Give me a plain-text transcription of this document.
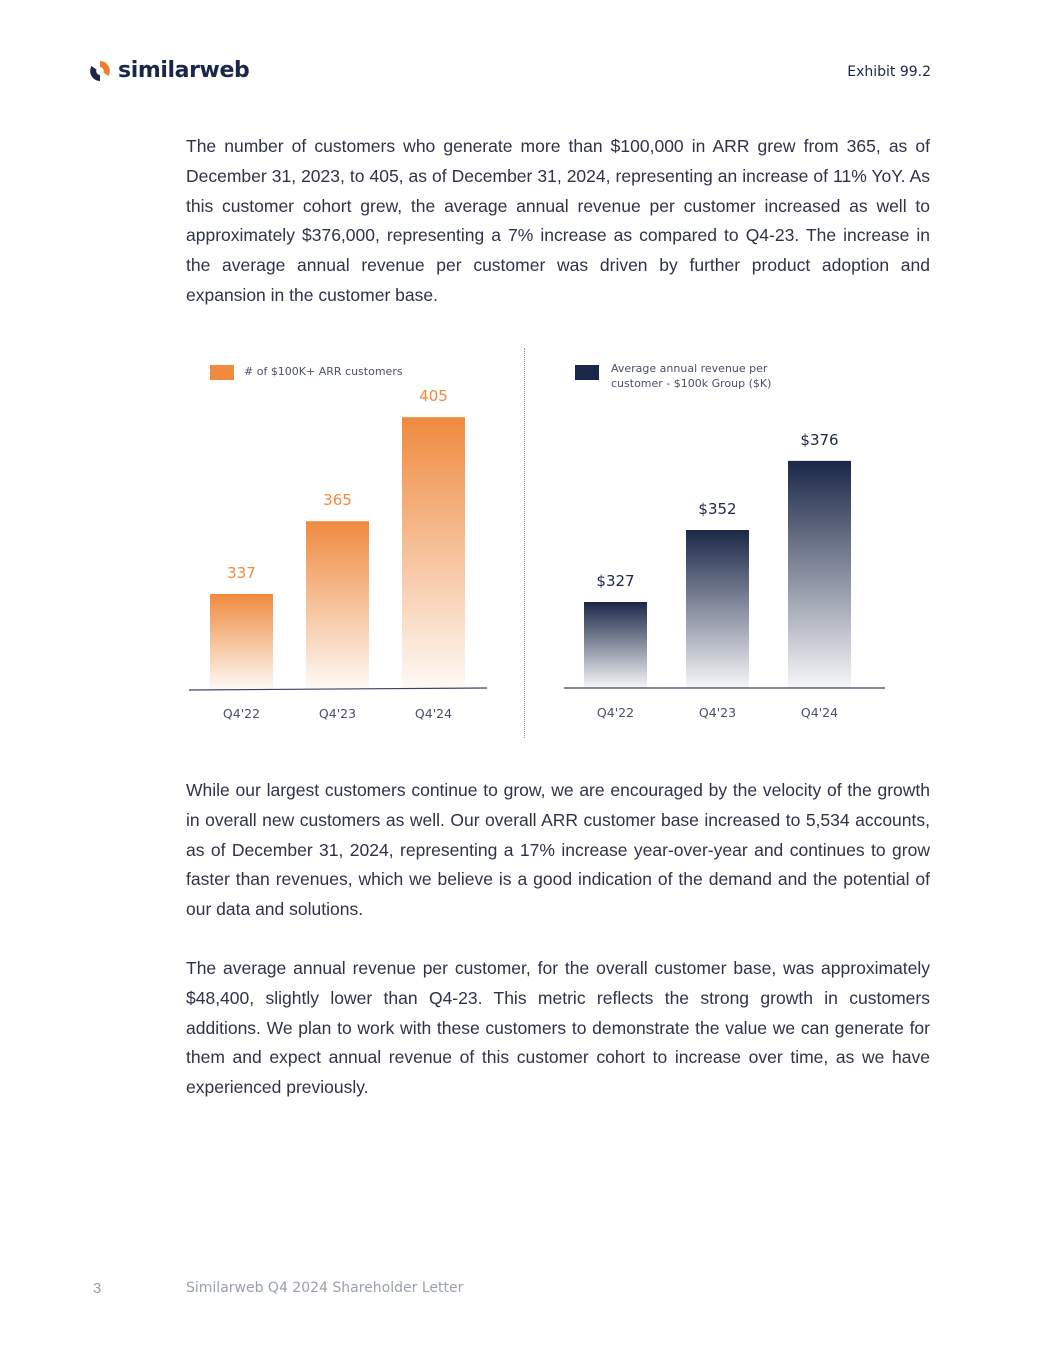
similarweb	Exhibit 99.2

The number of customers who generate more than $100,000 in ARR grew from 365, as of December 31, 2023, to 405, as of December 31, 2024, representing an increase of 11% YoY. As this customer cohort grew, the average annual revenue per customer increased as well to approximately $376,000, representing a 7% increase as compared to Q4-23. The increase in the average annual revenue per customer was driven by further product adoption and expansion in the customer base.

# of $100K+ ARR customers
337
365
405
Q4'22	Q4'23	Q4'24
Average annual revenue per
customer - $100k Group ($K)
$327
$352
$376
Q4'22	Q4'23	Q4'24

While our largest customers continue to grow, we are encouraged by the velocity of the growth in overall new customers as well. Our overall ARR customer base increased to 5,534 accounts, as of December 31, 2024, representing a 17% increase year-over-year and continues to grow faster than revenues, which we believe is a good indication of the demand and the potential of our data and solutions.

The average annual revenue per customer, for the overall customer base, was approximately $48,400, slightly lower than Q4-23. This metric reflects the strong growth in customers additions. We plan to work with these customers to demonstrate the value we can generate for them and expect annual revenue of this customer cohort to increase over time, as we have experienced previously.

3	Similarweb Q4 2024 Shareholder Letter
